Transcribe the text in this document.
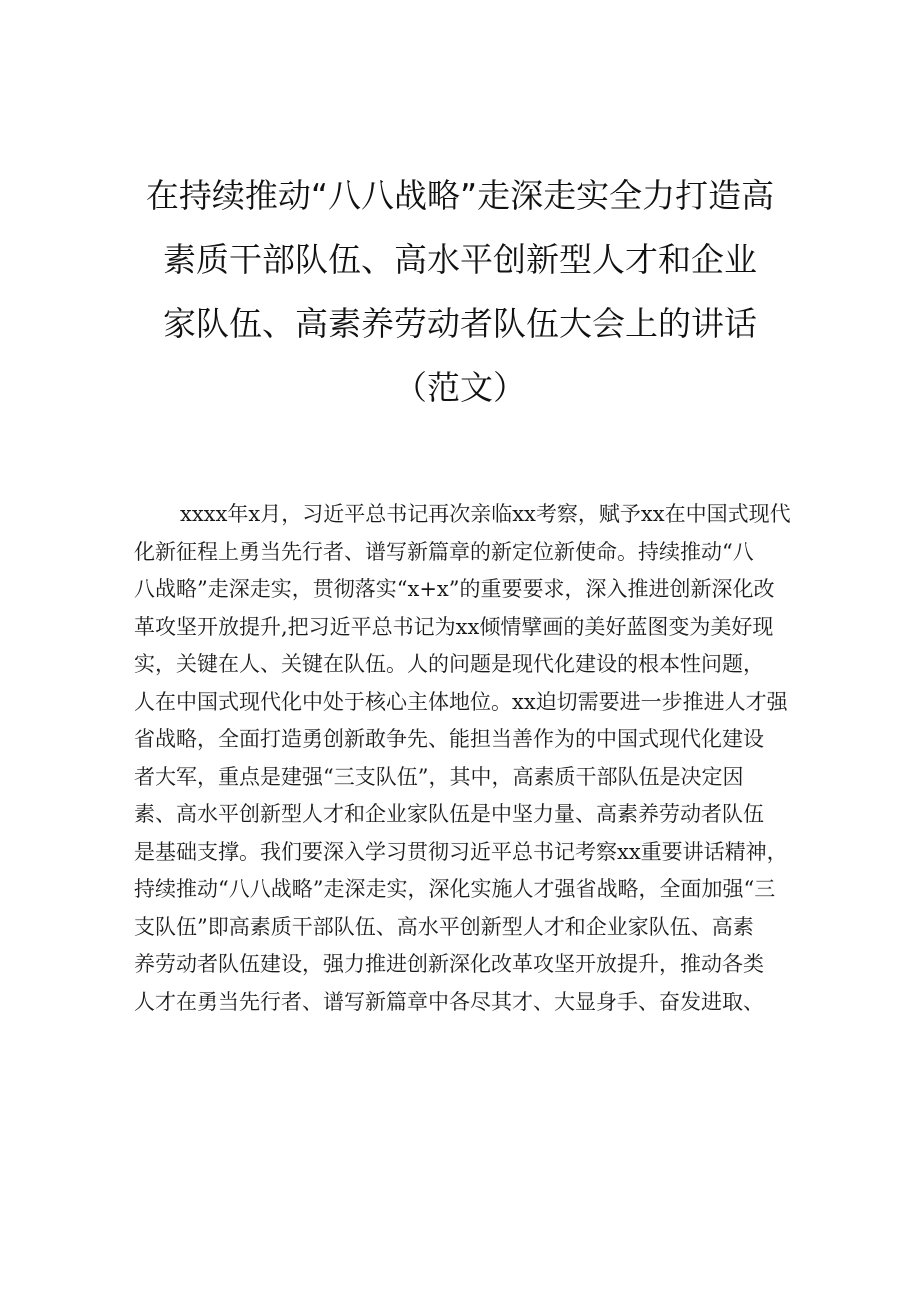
在持续推动“八八战略”走深走实全力打造高
素质干部队伍、高水平创新型人才和企业
家队伍、高素养劳动者队伍大会上的讲话
（范文）
xxxx年x月，习近平总书记再次亲临xx考察，赋予xx在中国式现代
化新征程上勇当先行者、谱写新篇章的新定位新使命。持续推动“八
八战略”走深走实，贯彻落实“x+x”的重要要求，深入推进创新深化改
革攻坚开放提升,把习近平总书记为xx倾情擘画的美好蓝图变为美好现
实，关键在人、关键在队伍。人的问题是现代化建设的根本性问题，
人在中国式现代化中处于核心主体地位。xx迫切需要进一步推进人才强
省战略，全面打造勇创新敢争先、能担当善作为的中国式现代化建设
者大军，重点是建强“三支队伍”，其中，高素质干部队伍是决定因
素、高水平创新型人才和企业家队伍是中坚力量、高素养劳动者队伍
是基础支撑。我们要深入学习贯彻习近平总书记考察xx重要讲话精神，
持续推动“八八战略”走深走实，深化实施人才强省战略，全面加强“三
支队伍”即高素质干部队伍、高水平创新型人才和企业家队伍、高素
养劳动者队伍建设，强力推进创新深化改革攻坚开放提升，推动各类
人才在勇当先行者、谱写新篇章中各尽其才、大显身手、奋发进取、
